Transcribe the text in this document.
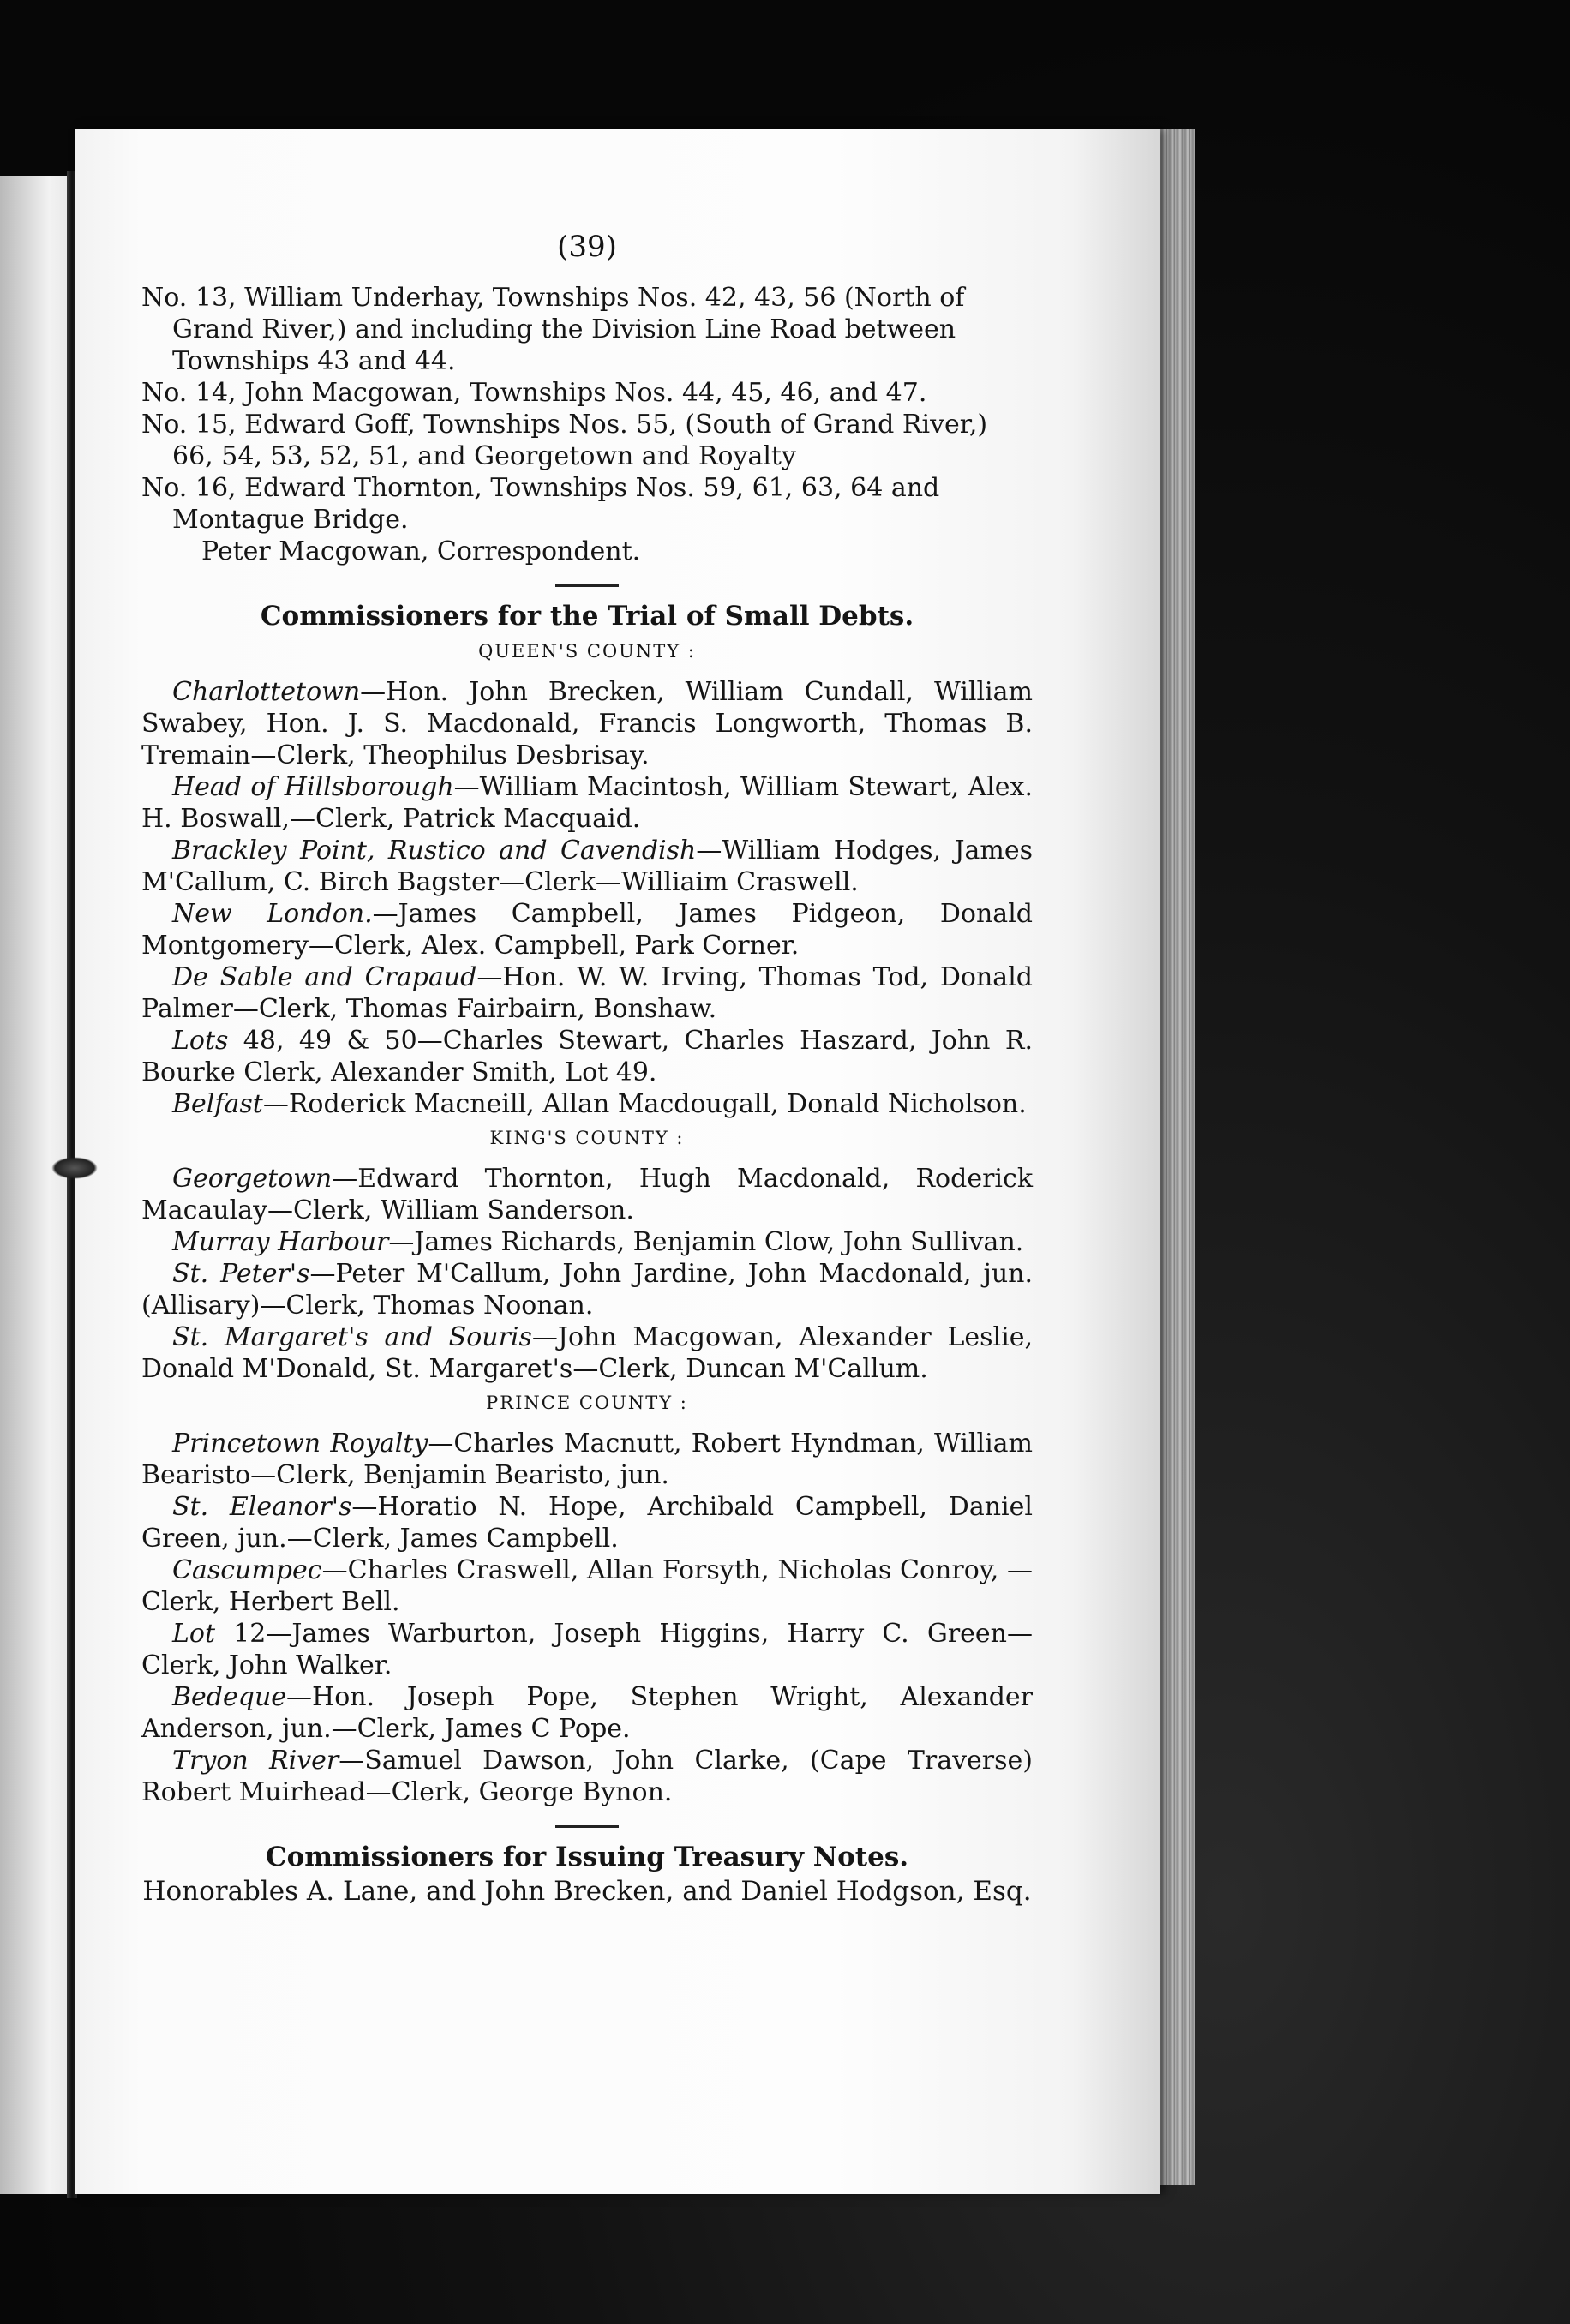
(39)

No. 13, William Underhay, Townships Nos. 42, 43, 56 (North of Grand River,) and including the Division Line Road between Townships 43 and 44.

No. 14, John Macgowan, Townships Nos. 44, 45, 46, and 47.

No. 15, Edward Goff, Townships Nos. 55, (South of Grand River,) 66, 54, 53, 52, 51, and Georgetown and Royalty

No. 16, Edward Thornton, Townships Nos. 59, 61, 63, 64 and Montague Bridge.

Peter Macgowan, Correspondent.

Commissioners for the Trial of Small Debts.

QUEEN'S COUNTY :

Charlottetown—Hon. John Brecken, William Cundall, William Swabey, Hon. J. S. Macdonald, Francis Longworth, Thomas B. Tremain—Clerk, Theophilus Desbrisay.

Head of Hillsborough—William Macintosh, William Stewart, Alex. H. Boswall,—Clerk, Patrick Macquaid.

Brackley Point, Rustico and Cavendish—William Hodges, James M'Callum, C. Birch Bagster—Clerk—Williaim Craswell.

New London.—James Campbell, James Pidgeon, Donald Montgomery—Clerk, Alex. Campbell, Park Corner.

De Sable and Crapaud—Hon. W. W. Irving, Thomas Tod, Donald Palmer—Clerk, Thomas Fairbairn, Bonshaw.

Lots 48, 49 & 50—Charles Stewart, Charles Haszard, John R. Bourke Clerk, Alexander Smith, Lot 49.

Belfast—Roderick Macneill, Allan Macdougall, Donald Nicholson.

KING'S COUNTY :

Georgetown—Edward Thornton, Hugh Macdonald, Roderick Macaulay—Clerk, William Sanderson.

Murray Harbour—James Richards, Benjamin Clow, John Sullivan.

St. Peter's—Peter M'Callum, John Jardine, John Macdonald, jun. (Allisary)—Clerk, Thomas Noonan.

St. Margaret's and Souris—John Macgowan, Alexander Leslie, Donald M'Donald, St. Margaret's—Clerk, Duncan M'Callum.

PRINCE COUNTY :

Princetown Royalty—Charles Macnutt, Robert Hyndman, William Bearisto—Clerk, Benjamin Bearisto, jun.

St. Eleanor's—Horatio N. Hope, Archibald Campbell, Daniel Green, jun.—Clerk, James Campbell.

Cascumpec—Charles Craswell, Allan Forsyth, Nicholas Conroy, —Clerk, Herbert Bell.

Lot 12—James Warburton, Joseph Higgins, Harry C. Green—Clerk, John Walker.

Bedeque—Hon. Joseph Pope, Stephen Wright, Alexander Anderson, jun.—Clerk, James C Pope.

Tryon River—Samuel Dawson, John Clarke, (Cape Traverse) Robert Muirhead—Clerk, George Bynon.

Commissioners for Issuing Treasury Notes.

Honorables A. Lane, and John Brecken, and Daniel Hodgson, Esq.
